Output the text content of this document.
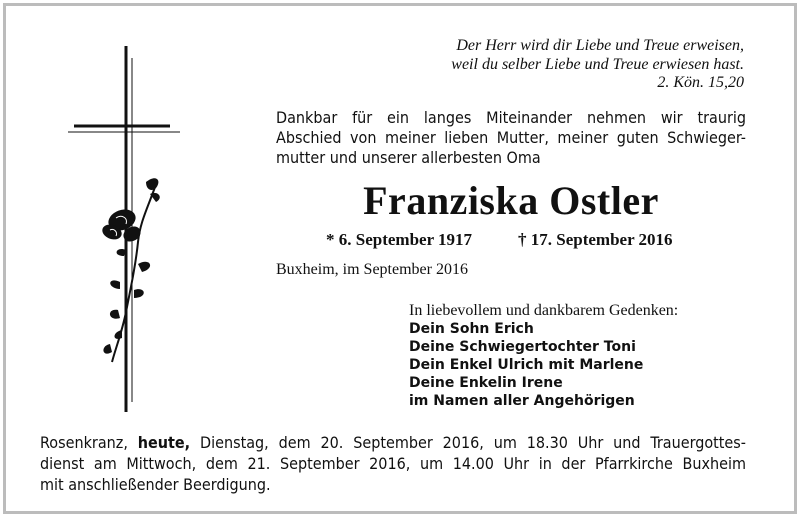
Der Herr wird dir Liebe und Treue erweisen,
weil du selber Liebe und Treue erwiesen hast.
2. Kön. 15,20
Dankbar für ein langes Miteinander nehmen wir traurig
Abschied von meiner lieben Mutter, meiner guten Schwieger-
mutter und unserer allerbesten Oma
Franziska Ostler
* 6. September 1917	† 17. September 2016
Buxheim, im September 2016
In liebevollem und dankbarem Gedenken:
Dein Sohn Erich
Deine Schwiegertochter Toni
Dein Enkel Ulrich mit Marlene
Deine Enkelin Irene
im Namen aller Angehörigen
Rosenkranz, heute, Dienstag, dem 20. September 2016, um 18.30 Uhr und Trauergottes-
dienst am Mittwoch, dem 21. September 2016, um 14.00 Uhr in der Pfarrkirche Buxheim
mit anschließender Beerdigung.
